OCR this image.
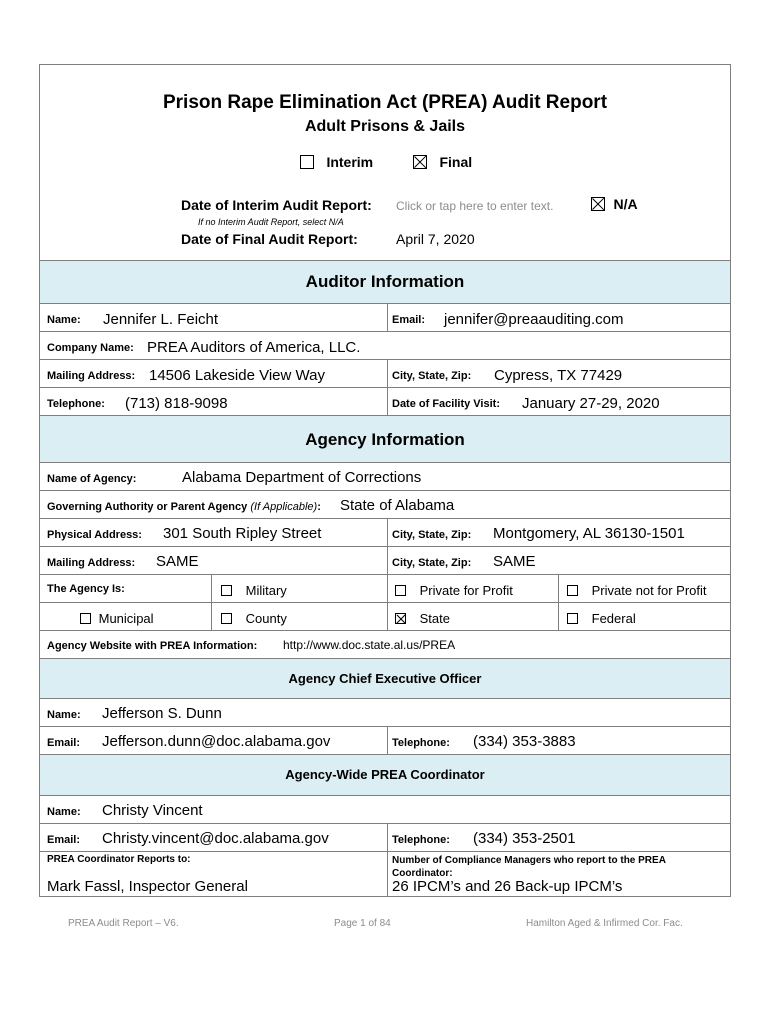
Prison Rape Elimination Act (PREA) Audit Report
Adult Prisons & Jails
Interim	Final
Date of Interim Audit Report: Click or tap here to enter text.	N/A
If no Interim Audit Report, select N/A
Date of Final Audit Report:	April 7, 2020
Auditor Information
Name: Jennifer L. Feicht	Email: jennifer@preaauditing.com
Company Name: PREA Auditors of America, LLC.
Mailing Address: 14506 Lakeside View Way	City, State, Zip: Cypress, TX 77429
Telephone: (713) 818-9098	Date of Facility Visit: January 27-29, 2020
Agency Information
Name of Agency:	Alabama Department of Corrections
Governing Authority or Parent Agency (If Applicable): State of Alabama
Physical Address: 301 South Ripley Street	City, State, Zip: Montgomery, AL 36130-1501
Mailing Address: SAME	City, State, Zip: SAME
The Agency Is:	Military	Private for Profit	Private not for Profit
Municipal	County	State	Federal
Agency Website with PREA Information: http://www.doc.state.al.us/PREA
Agency Chief Executive Officer
Name: Jefferson S. Dunn
Email: Jefferson.dunn@doc.alabama.gov	Telephone: (334) 353-3883
Agency-Wide PREA Coordinator
Name: Christy Vincent
Email: Christy.vincent@doc.alabama.gov	Telephone: (334) 353-2501
PREA Coordinator Reports to:
Mark Fassl, Inspector General
Number of Compliance Managers who report to the PREA Coordinator:
26 IPCM’s and 26 Back-up IPCM’s
PREA Audit Report – V6.	Page 1 of 84	Hamilton Aged & Infirmed Cor. Fac.
